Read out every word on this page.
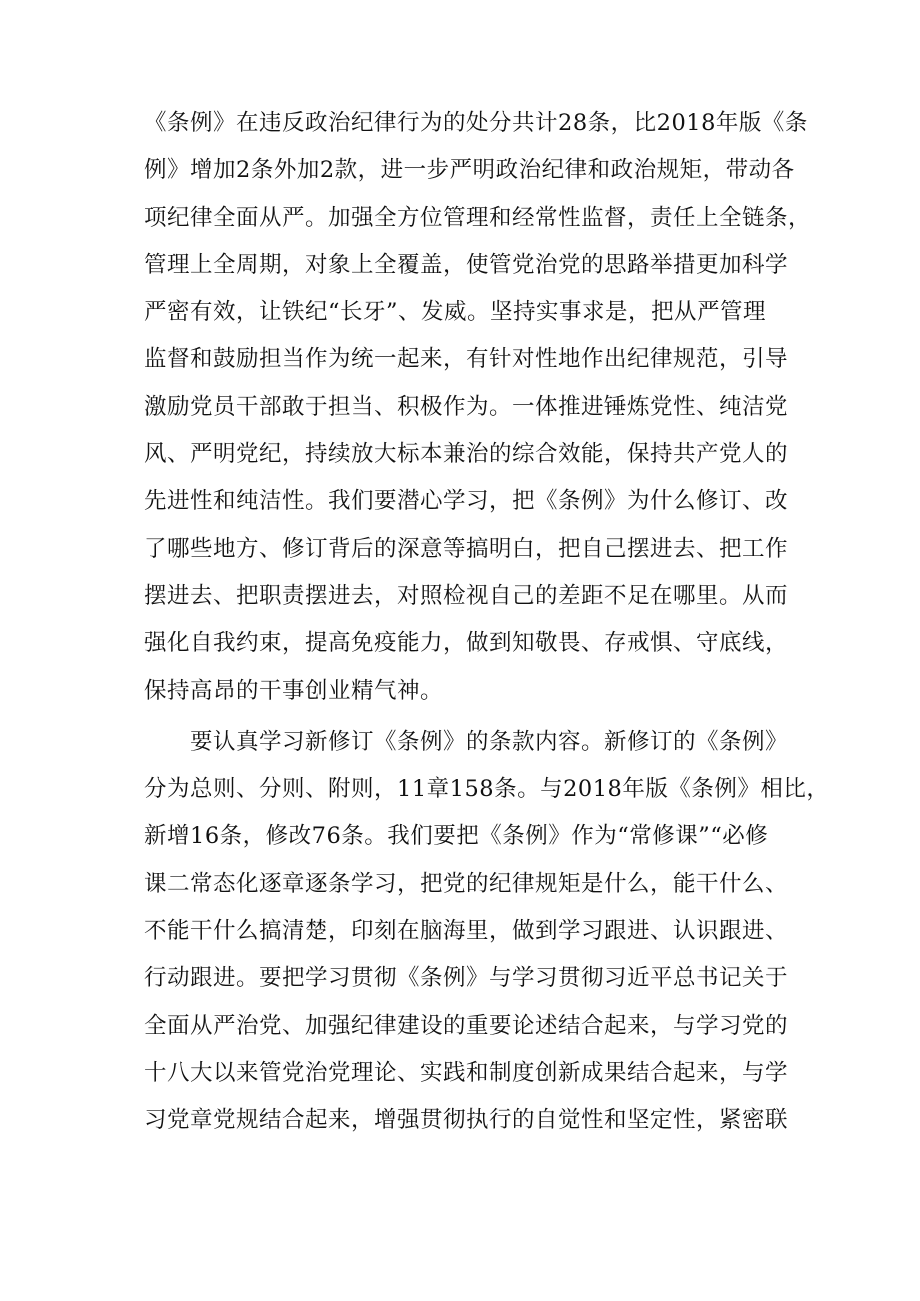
《条例》在违反政治纪律行为的处分共计28条，比2018年版《条
例》增加2条外加2款，进一步严明政治纪律和政治规矩，带动各
项纪律全面从严。加强全方位管理和经常性监督，责任上全链条，
管理上全周期，对象上全覆盖，使管党治党的思路举措更加科学
严密有效，让铁纪“长牙”、发威。坚持实事求是，把从严管理
监督和鼓励担当作为统一起来，有针对性地作出纪律规范，引导
激励党员干部敢于担当、积极作为。一体推进锤炼党性、纯洁党
风、严明党纪，持续放大标本兼治的综合效能，保持共产党人的
先进性和纯洁性。我们要潜心学习，把《条例》为什么修订、改
了哪些地方、修订背后的深意等搞明白，把自己摆进去、把工作
摆进去、把职责摆进去，对照检视自己的差距不足在哪里。从而
强化自我约束，提高免疫能力，做到知敬畏、存戒惧、守底线，
保持高昂的干事创业精气神。
要认真学习新修订《条例》的条款内容。新修订的《条例》
分为总则、分则、附则，11章158条。与2018年版《条例》相比，
新增16条，修改76条。我们要把《条例》作为“常修课”“必修
课二常态化逐章逐条学习，把党的纪律规矩是什么，能干什么、
不能干什么搞清楚，印刻在脑海里，做到学习跟进、认识跟进、
行动跟进。要把学习贯彻《条例》与学习贯彻习近平总书记关于
全面从严治党、加强纪律建设的重要论述结合起来，与学习党的
十八大以来管党治党理论、实践和制度创新成果结合起来，与学
习党章党规结合起来，增强贯彻执行的自觉性和坚定性，紧密联
